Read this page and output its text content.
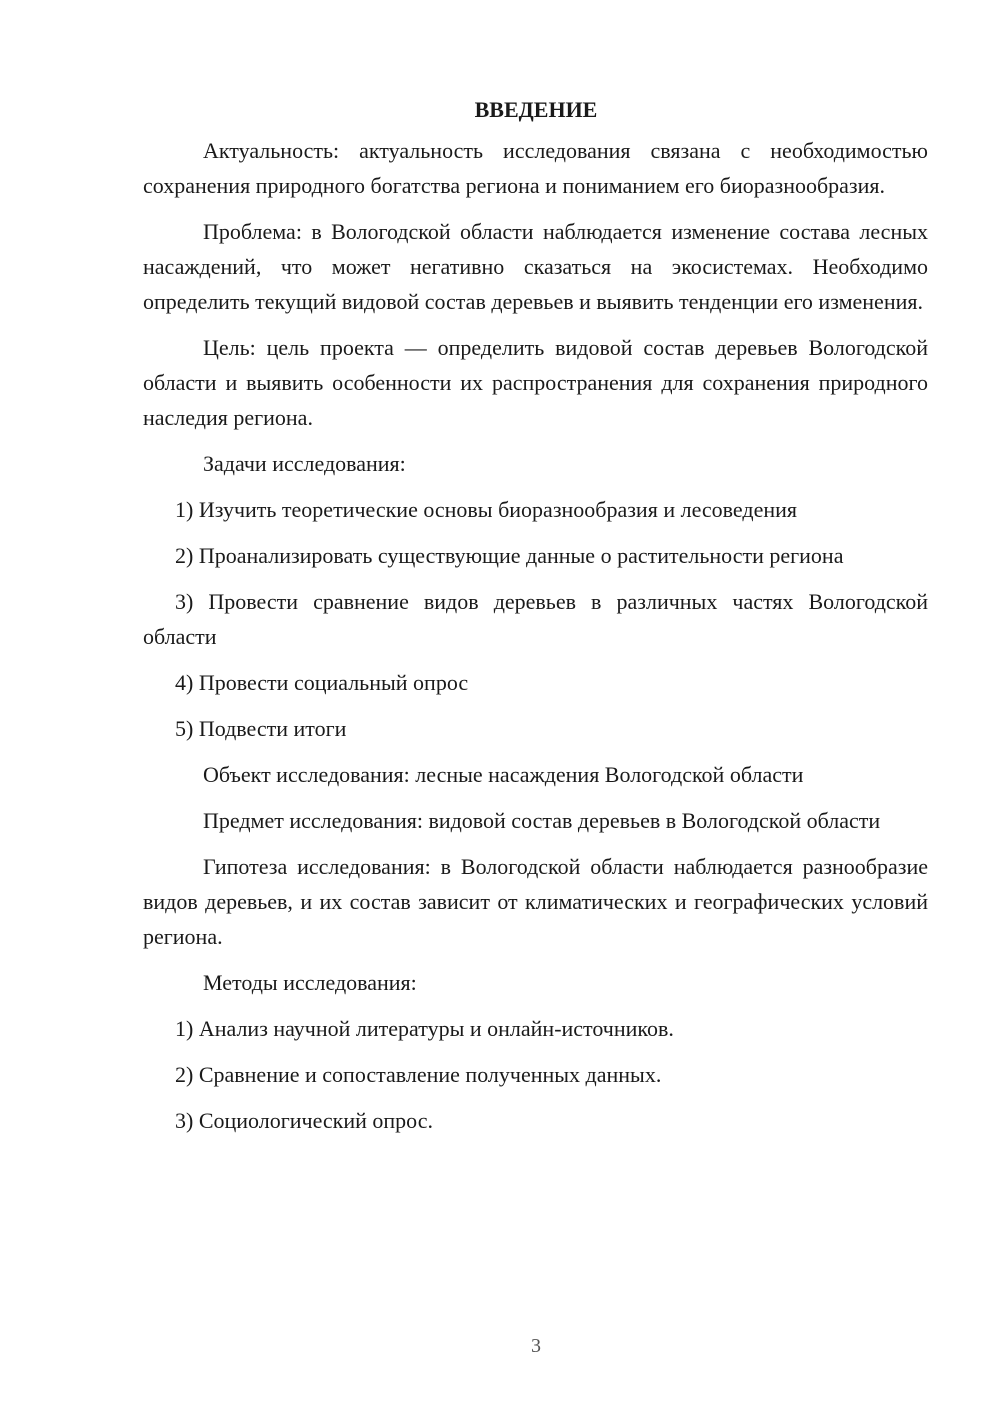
ВВЕДЕНИЕ

Актуальность: актуальность исследования связана с необходимостью сохранения природного богатства региона и пониманием его биоразнообразия.

Проблема: в Вологодской области наблюдается изменение состава лесных насаждений, что может негативно сказаться на экосистемах. Необходимо определить текущий видовой состав деревьев и выявить тенденции его изменения.

Цель: цель проекта — определить видовой состав деревьев Вологодской области и выявить особенности их распространения для сохранения природного наследия региона.

Задачи исследования:

1) Изучить теоретические основы биоразнообразия и лесоведения

2) Проанализировать существующие данные о растительности региона

3) Провести сравнение видов деревьев в различных частях Вологодской области

4) Провести социальный опрос

5) Подвести итоги

Объект исследования: лесные насаждения Вологодской области

Предмет исследования: видовой состав деревьев в Вологодской области

Гипотеза исследования: в Вологодской области наблюдается разнообразие видов деревьев, и их состав зависит от климатических и географических условий региона.

Методы исследования:

1) Анализ научной литературы и онлайн-источников.

2) Сравнение и сопоставление полученных данных.

3) Социологический опрос.

3
